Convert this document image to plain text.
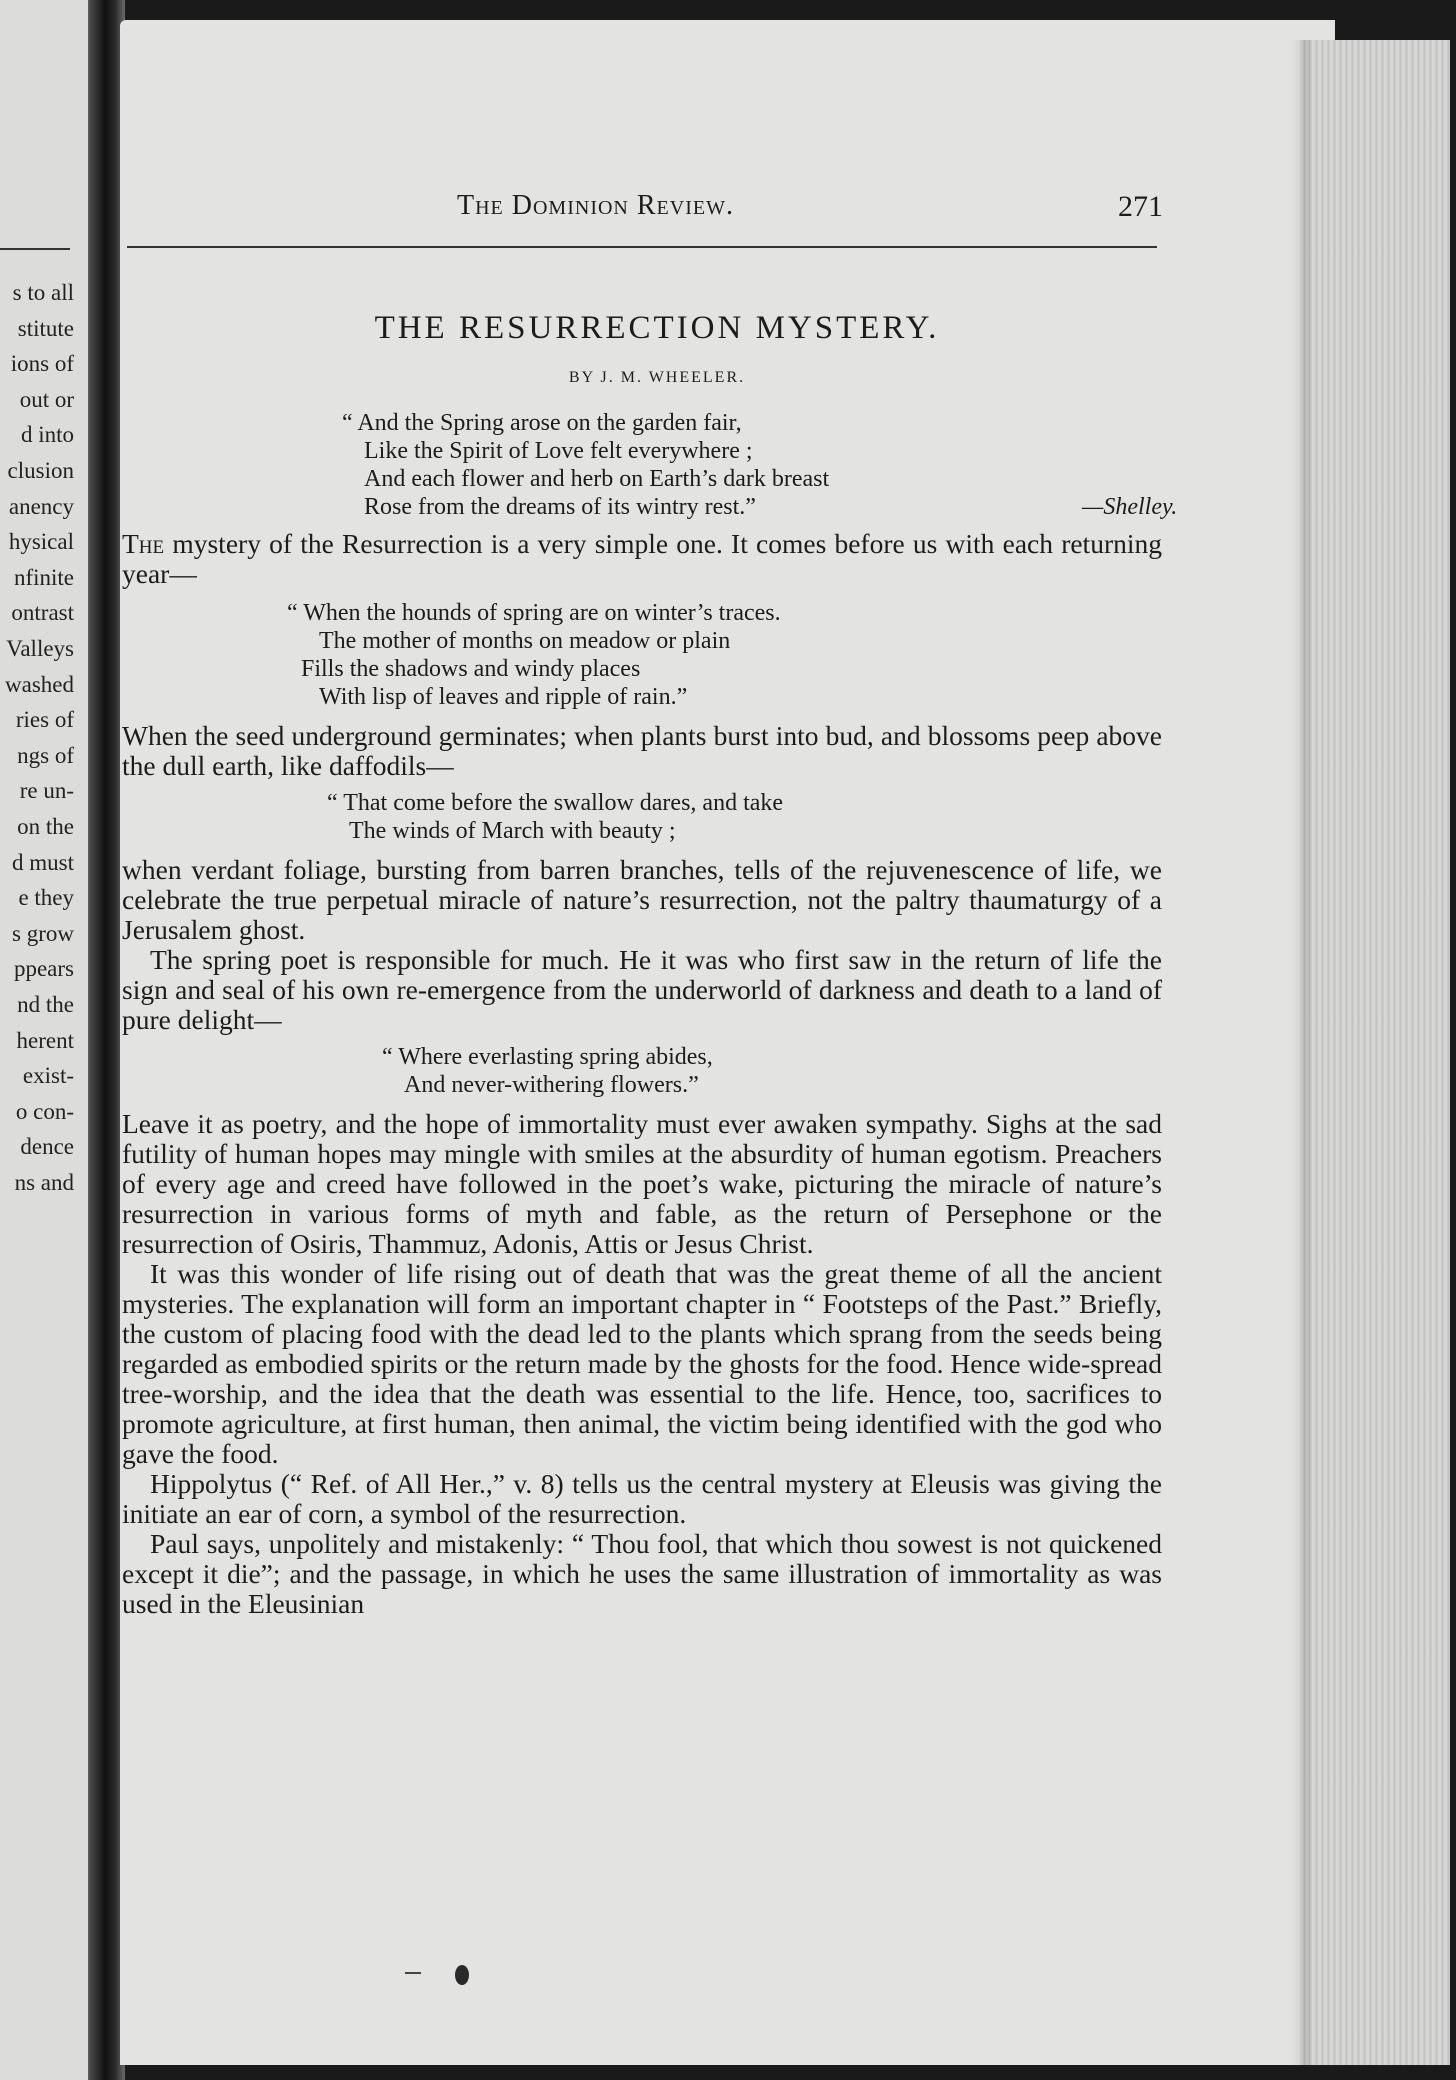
s to all
stitute
ions of
out or
d into
clusion
anency
hysical
nfinite
ontrast
Valleys
washed
ries of
ngs of
re un-
on the
d must
e they
s grow
ppears
nd the
herent
exist-
o con-
dence
ns and
The Dominion Review.	271
THE RESURRECTION MYSTERY.
BY J. M. WHEELER.
“ And the Spring arose on the garden fair,
Like the Spirit of Love felt everywhere ;
And each flower and herb on Earth’s dark breast
Rose from the dreams of its wintry rest.”	—Shelley.

The mystery of the Resurrection is a very simple one. It comes before us with each returning year—

“ When the hounds of spring are on winter’s traces.
The mother of months on meadow or plain
Fills the shadows and windy places
With lisp of leaves and ripple of rain.”

When the seed underground germinates; when plants burst into bud, and blossoms peep above the dull earth, like daffodils—

“ That come before the swallow dares, and take
The winds of March with beauty ;

when verdant foliage, bursting from barren branches, tells of the rejuvenescence of life, we celebrate the true perpetual miracle of nature’s resurrection, not the paltry thaumaturgy of a Jerusalem ghost.

The spring poet is responsible for much. He it was who first saw in the return of life the sign and seal of his own re-emergence from the underworld of darkness and death to a land of pure delight—

“ Where everlasting spring abides,
And never-withering flowers.”

Leave it as poetry, and the hope of immortality must ever awaken sympathy. Sighs at the sad futility of human hopes may mingle with smiles at the absurdity of human egotism. Preachers of every age and creed have followed in the poet’s wake, picturing the miracle of nature’s resurrection in various forms of myth and fable, as the return of Persephone or the resurrection of Osiris, Thammuz, Adonis, Attis or Jesus Christ.

It was this wonder of life rising out of death that was the great theme of all the ancient mysteries. The explanation will form an important chapter in “ Footsteps of the Past.” Briefly, the custom of placing food with the dead led to the plants which sprang from the seeds being regarded as embodied spirits or the return made by the ghosts for the food. Hence wide-spread tree-worship, and the idea that the death was essential to the life. Hence, too, sacrifices to promote agriculture, at first human, then animal, the victim being identified with the god who gave the food.

Hippolytus (“ Ref. of All Her.,” v. 8) tells us the central mystery at Eleusis was giving the initiate an ear of corn, a symbol of the resurrection.

Paul says, unpolitely and mistakenly: “ Thou fool, that which thou sowest is not quickened except it die”; and the passage, in which he uses the same illustration of immortality as was used in the Eleusinian
